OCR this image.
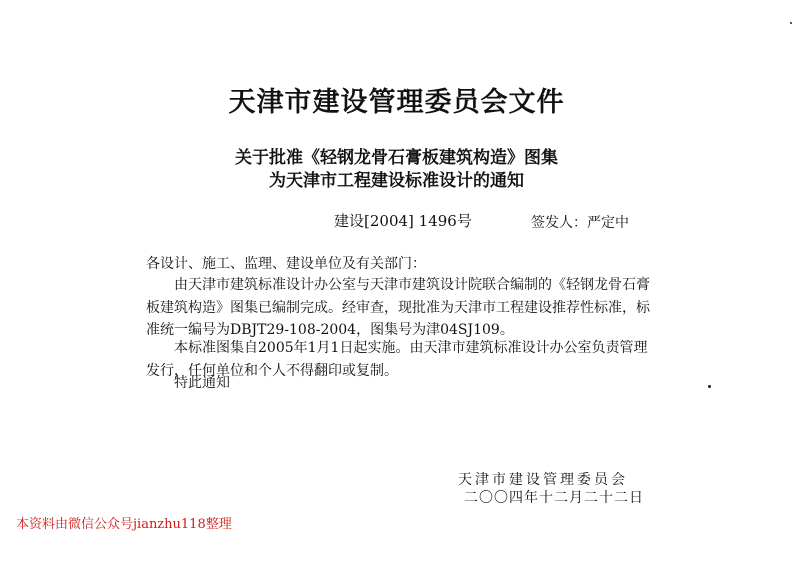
天津市建设管理委员会文件
关于批准《轻钢龙骨石膏板建筑构造》图集
为天津市工程建设标准设计的通知
建设[2004] 1496号	签发人：严定中
各设计、施工、监理、建设单位及有关部门：
由天津市建筑标准设计办公室与天津市建筑设计院联合编制的《轻钢龙骨石膏板建筑构造》图集已编制完成。经审查，现批准为天津市工程建设推荐性标准，标准统一编号为DBJT29-108-2004，图集号为津04SJ109。
本标准图集自2005年1月1日起实施。由天津市建筑标准设计办公室负责管理发行，任何单位和个人不得翻印或复制。
特此通知
天津市建设管理委员会
二〇〇四年十二月二十二日
本资料由微信公众号jianzhu118整理
